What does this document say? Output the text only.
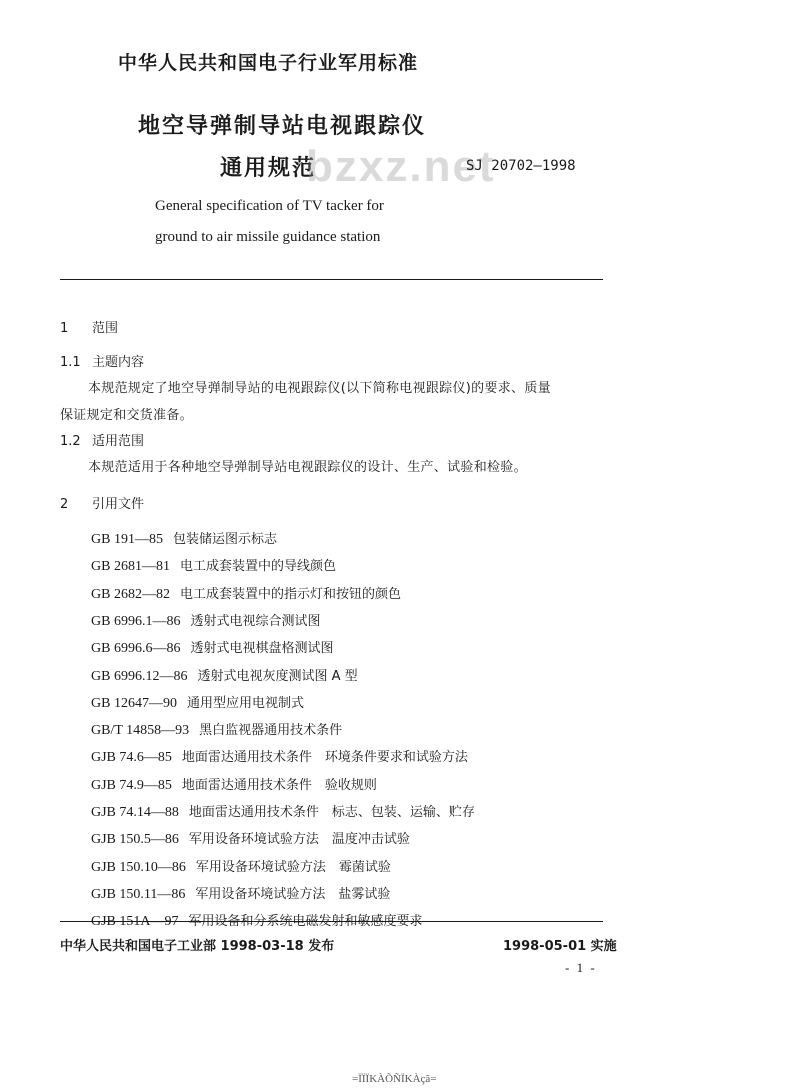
中华人民共和国电子行业军用标准
地空导弹制导站电视跟踪仪
通用规范
bzxz.net
SJ 20702—1998
General specification of TV tacker for
ground to air missile guidance station
1 范围
1.1 主题内容
本规范规定了地空导弹制导站的电视跟踪仪(以下简称电视跟踪仪)的要求、质量
保证规定和交货准备。
1.2 适用范围
本规范适用于各种地空导弹制导站电视跟踪仪的设计、生产、试验和检验。
2 引用文件
GB 191—85 包装储运图示标志
GB 2681—81 电工成套装置中的导线颜色
GB 2682—82 电工成套装置中的指示灯和按钮的颜色
GB 6996.1—86 透射式电视综合测试图
GB 6996.6—86 透射式电视棋盘格测试图
GB 6996.12—86 透射式电视灰度测试图 A 型
GB 12647—90 通用型应用电视制式
GB/T 14858—93 黑白监视器通用技术条件
GJB 74.6—85 地面雷达通用技术条件　环境条件要求和试验方法
GJB 74.9—85 地面雷达通用技术条件　验收规则
GJB 74.14—88 地面雷达通用技术条件　标志、包装、运输、贮存
GJB 150.5—86 军用设备环境试验方法　温度冲击试验
GJB 150.10—86 军用设备环境试验方法　霉菌试验
GJB 150.11—86 军用设备环境试验方法　盐雾试验
GJB 151A—97 军用设备和分系统电磁发射和敏感度要求
中华人民共和国电子工业部 1998-03-18 发布	1998-05-01 实施
- 1 -
=ÏÏÏKÀÕÑÏKÀçã=
